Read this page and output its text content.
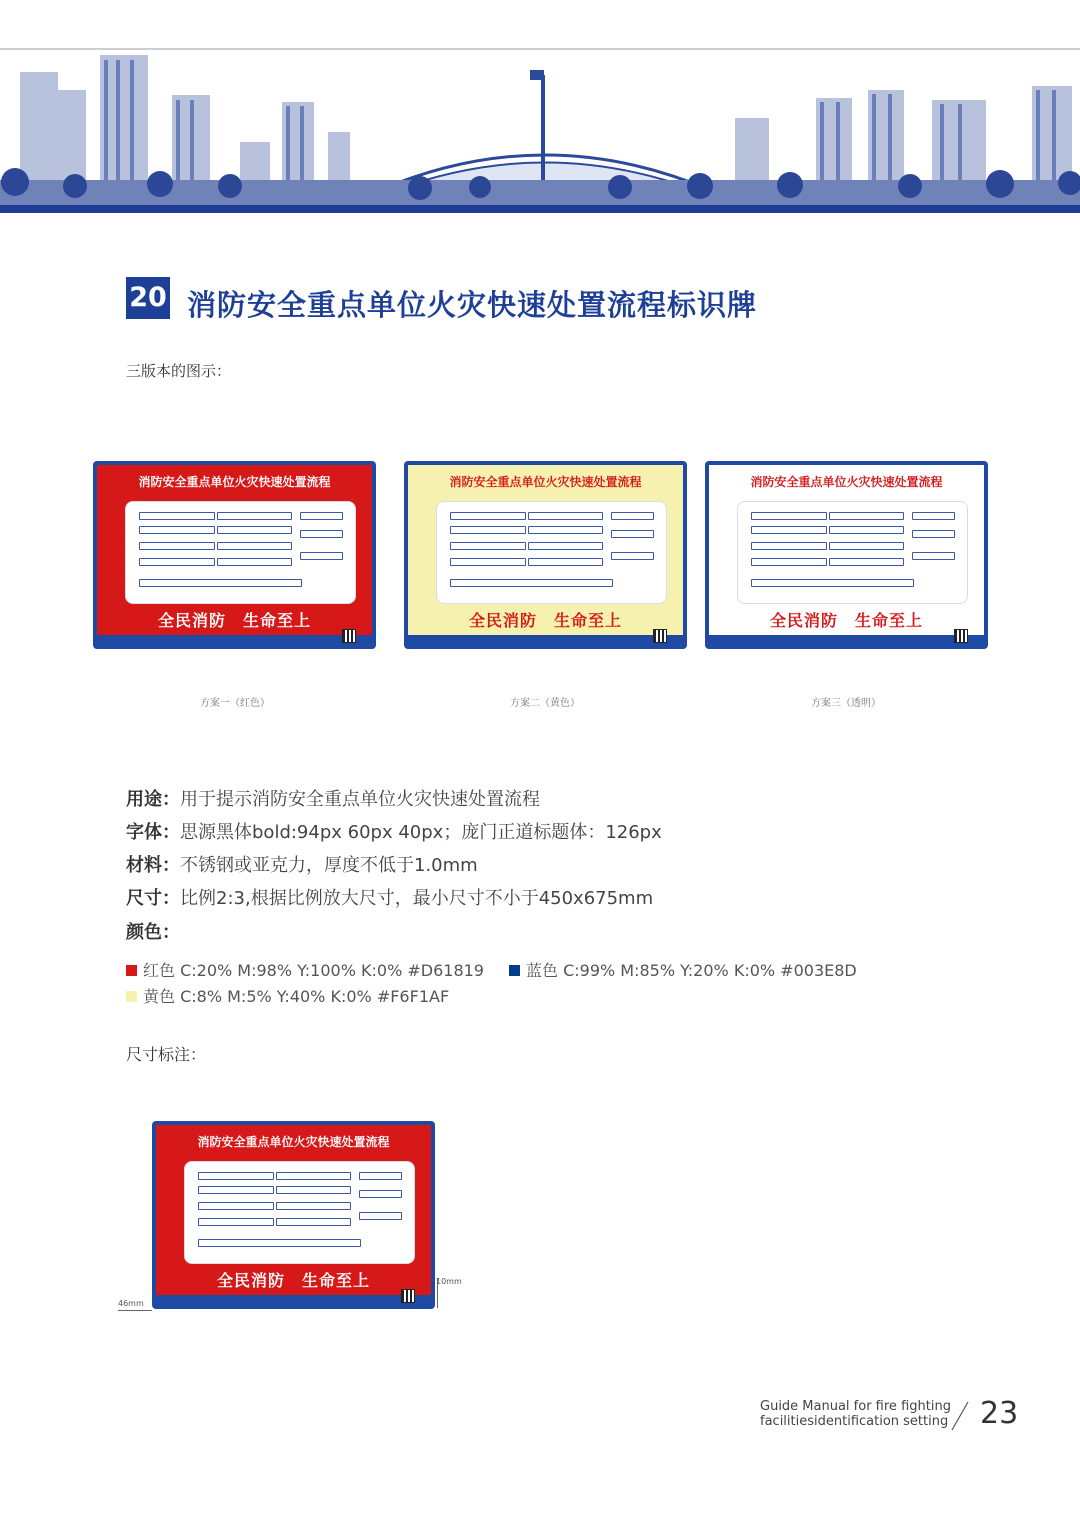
20 消防安全重点单位火灾快速处置流程标识牌
三版本的图示：
消防安全重点单位火灾快速处置流程
全民消防　生命至上
方案一（红色）
消防安全重点单位火灾快速处置流程
全民消防　生命至上
方案二（黄色）
消防安全重点单位火灾快速处置流程
全民消防　生命至上
方案三（透明）
用途：用于提示消防安全重点单位火灾快速处置流程
字体：思源黑体bold:94px 60px 40px；庞门正道标题体：126px
材料：不锈钢或亚克力，厚度不低于1.0mm
尺寸：比例2:3,根据比例放大尺寸，最小尺寸不小于450x675mm
颜色：
红色 C:20% M:98% Y:100% K:0% #D61819	蓝色 C:99% M:85% Y:20% K:0% #003E8D
黄色 C:8% M:5% Y:40% K:0% #F6F1AF
尺寸标注：
消防安全重点单位火灾快速处置流程
全民消防　生命至上	10mm
46mm
Guide Manual for fire fighting
facilitiesidentification setting 23
